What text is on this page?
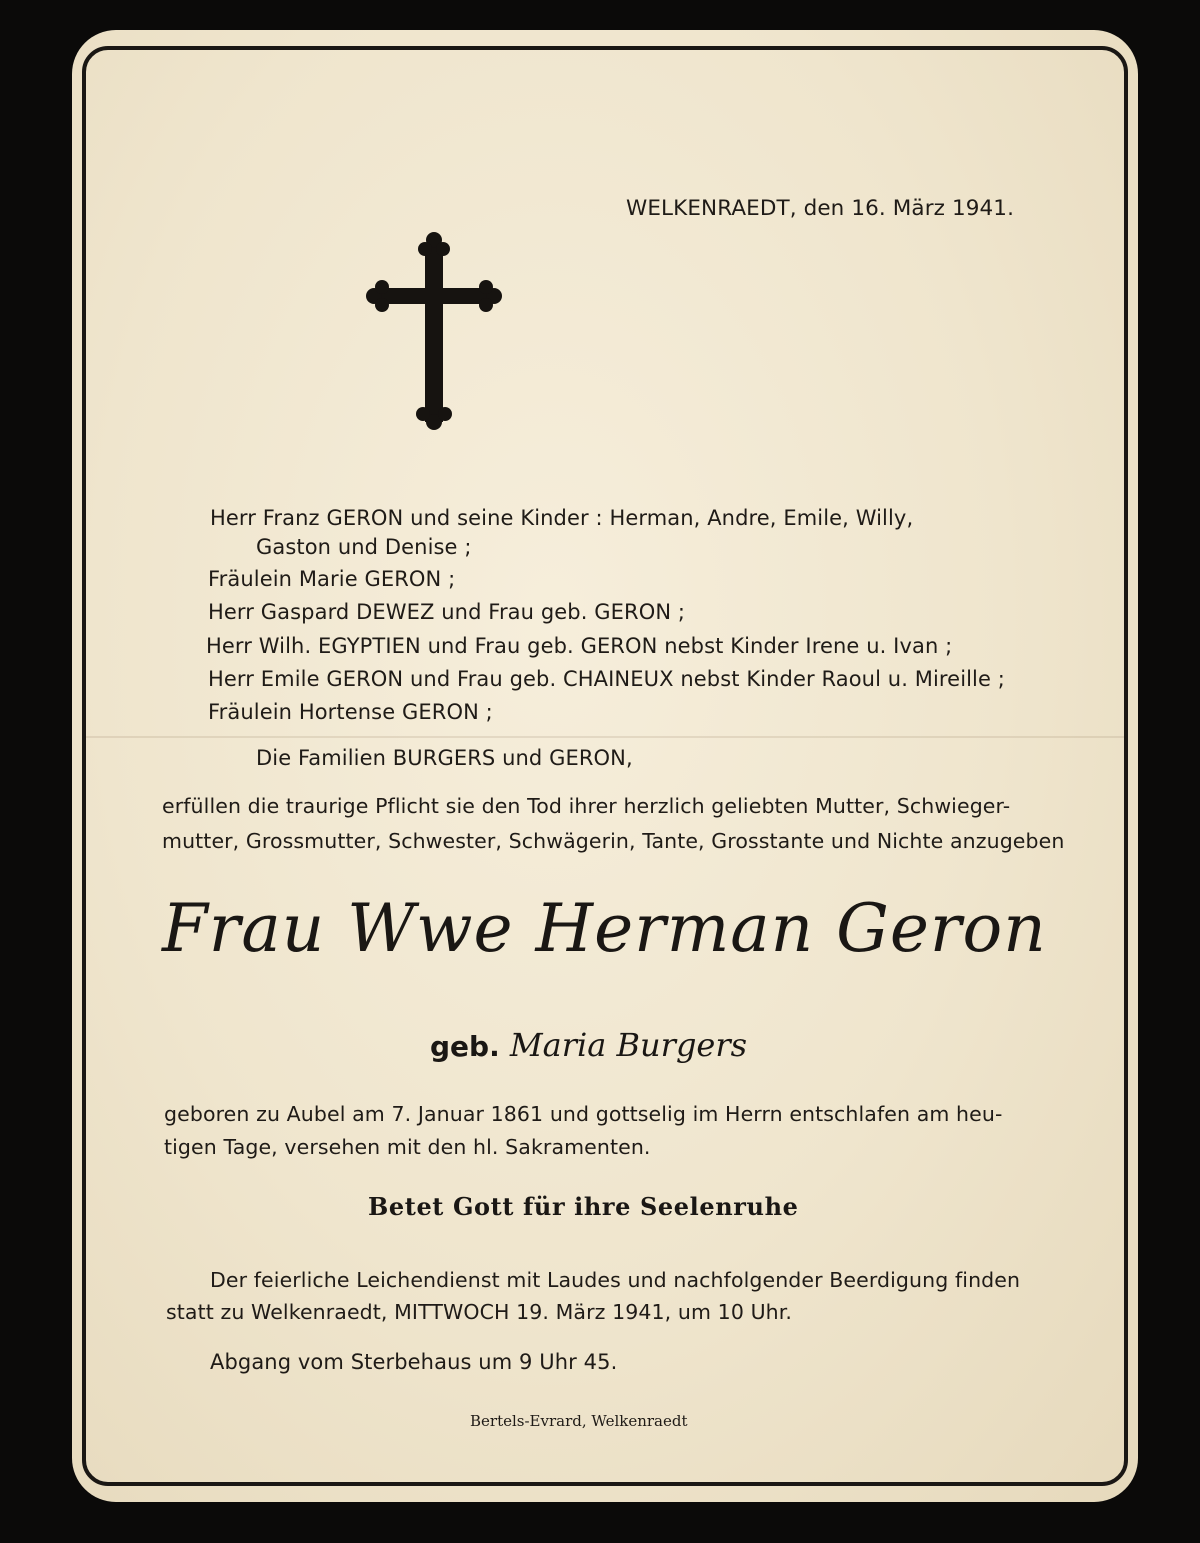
WELKENRAEDT, den 16. März 1941.
Herr Franz GERON und seine Kinder : Herman, Andre, Emile, Willy,
Gaston und Denise ;
Fräulein Marie GERON ;
Herr Gaspard DEWEZ und Frau geb. GERON ;
Herr Wilh. EGYPTIEN und Frau geb. GERON nebst Kinder Irene u. Ivan ;
Herr Emile GERON und Frau geb. CHAINEUX nebst Kinder Raoul u. Mireille ;
Fräulein Hortense GERON ;
Die Familien BURGERS und GERON,
erfüllen die traurige Pflicht sie den Tod ihrer herzlich geliebten Mutter, Schwieger-
mutter, Grossmutter, Schwester, Schwägerin, Tante, Grosstante und Nichte anzugeben
Frau Wwe Herman Geron
geb. Maria Burgers
geboren zu Aubel am 7. Januar 1861 und gottselig im Herrn entschlafen am heu-
tigen Tage, versehen mit den hl. Sakramenten.
Betet Gott für ihre Seelenruhe
Der feierliche Leichendienst mit Laudes und nachfolgender Beerdigung finden
statt zu Welkenraedt, MITTWOCH 19. März 1941, um 10 Uhr.
Abgang vom Sterbehaus um 9 Uhr 45.
Bertels-Evrard, Welkenraedt
